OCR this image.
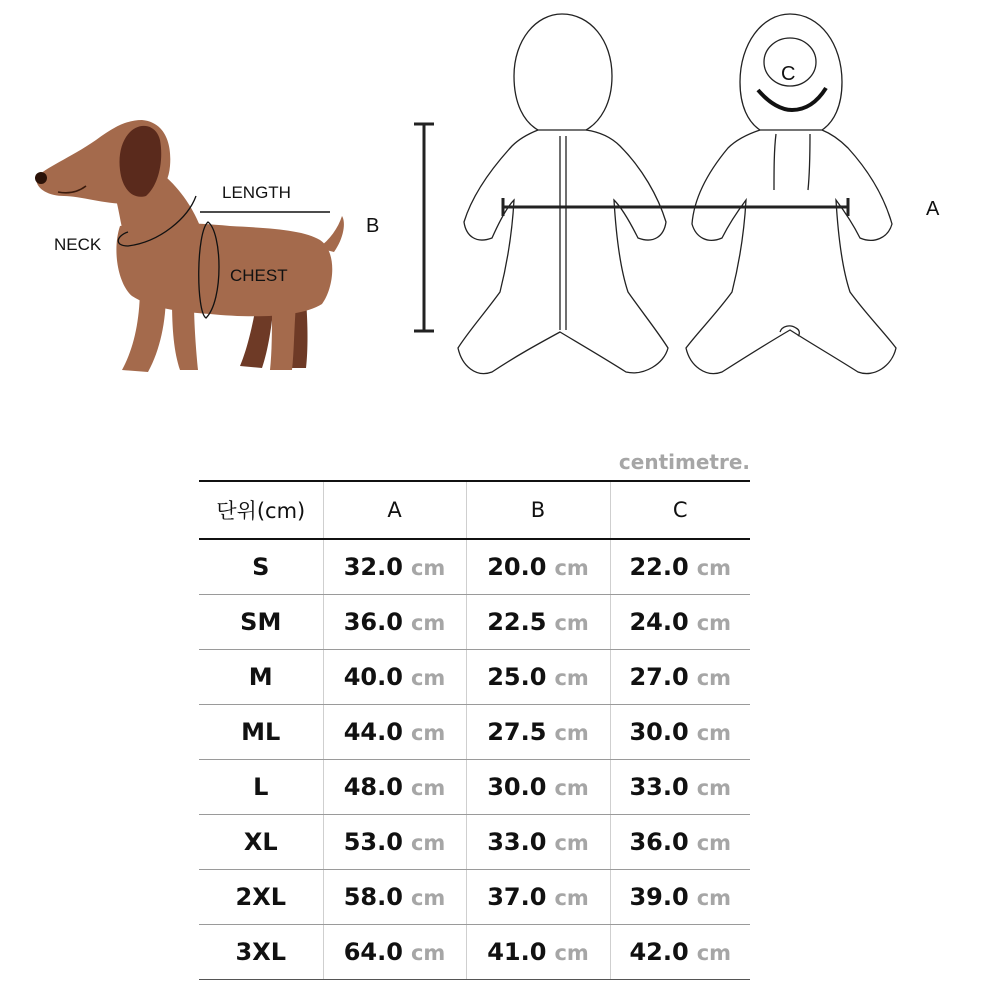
LENGTH
NECK
CHEST
B
C
A
centimetre.
단위(cm)	A	B	C
S	32.0 cm	20.0 cm	22.0 cm
SM	36.0 cm	22.5 cm	24.0 cm
M	40.0 cm	25.0 cm	27.0 cm
ML	44.0 cm	27.5 cm	30.0 cm
L	48.0 cm	30.0 cm	33.0 cm
XL	53.0 cm	33.0 cm	36.0 cm
2XL	58.0 cm	37.0 cm	39.0 cm
3XL	64.0 cm	41.0 cm	42.0 cm
